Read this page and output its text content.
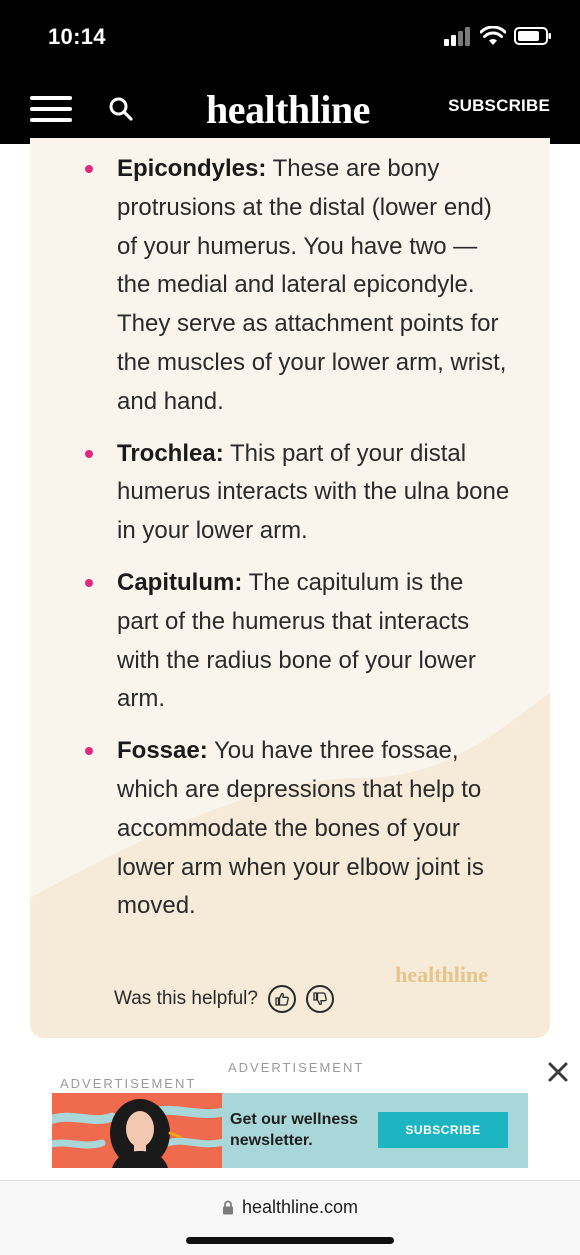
10:14
healthline	SUBSCRIBE
Epicondyles: These are bony protrusions at the distal (lower end) of your humerus. You have two — the medial and lateral epicondyle. They serve as attachment points for the muscles of your lower arm, wrist, and hand.
Trochlea: This part of your distal humerus interacts with the ulna bone in your lower arm.
Capitulum: The capitulum is the part of the humerus that interacts with the radius bone of your lower arm.
Fossae: You have three fossae, which are depressions that help to accommodate the bones of your lower arm when your elbow joint is moved.
healthline
Was this helpful?
ADVERTISEMENT
ADVERTISEMENT
Get our wellness newsletter.
SUBSCRIBE
healthline.com
